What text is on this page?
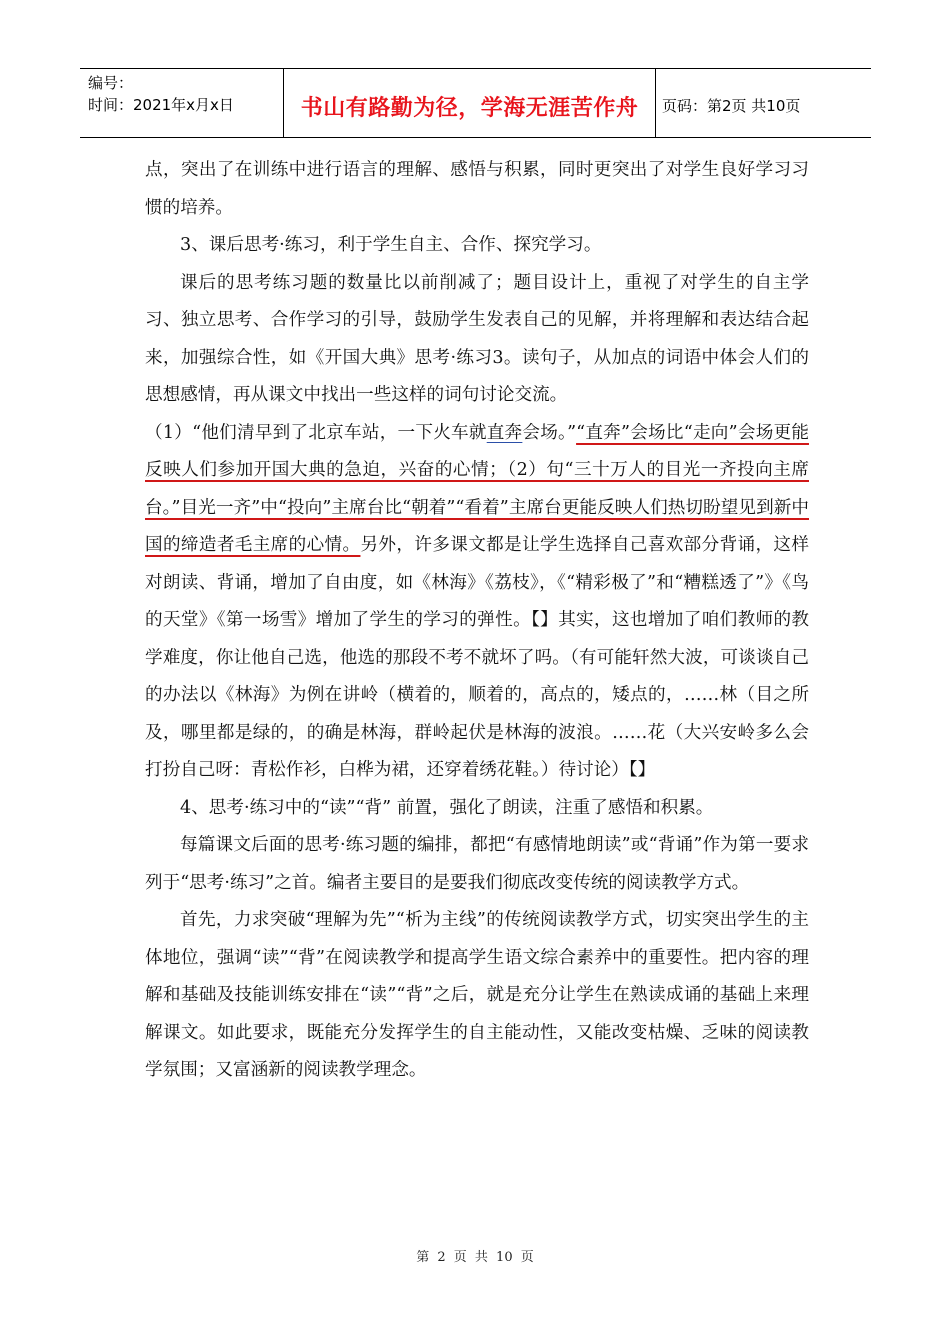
编号：
时间：2021年x月x日	书山有路勤为径，学海无涯苦作舟 页码：第2页 共10页

点，突出了在训练中进行语言的理解、感悟与积累，同时更突出了对学生良好学习习惯的培养。

3、课后思考·练习，利于学生自主、合作、探究学习。

课后的思考练习题的数量比以前削减了；题目设计上，重视了对学生的自主学习、独立思考、合作学习的引导，鼓励学生发表自己的见解，并将理解和表达结合起来，加强综合性，如《开国大典》思考·练习3。读句子，从加点的词语中体会人们的思想感情，再从课文中找出一些这样的词句讨论交流。

（1）“他们清早到了北京车站，一下火车就直奔会场。”“直奔”会场比“走向”会场更能反映人们参加开国大典的急迫，兴奋的心情；（2）句“三十万人的目光一齐投向主席台。”目光一齐”中“投向”主席台比“朝着”“看着”主席台更能反映人们热切盼望见到新中国的缔造者毛主席的心情。另外，许多课文都是让学生选择自己喜欢部分背诵，这样对朗读、背诵，增加了自由度，如《林海》《荔枝》，《“精彩极了”和“糟糕透了”》《鸟的天堂》《第一场雪》增加了学生的学习的弹性。【】其实，这也增加了咱们教师的教学难度，你让他自己选，他选的那段不考不就坏了吗。（有可能轩然大波，可谈谈自己的办法以《林海》为例在讲岭（横着的，顺着的，高点的，矮点的，……林（目之所及，哪里都是绿的，的确是林海，群岭起伏是林海的波浪。……花（大兴安岭多么会打扮自己呀：青松作衫，白桦为裙，还穿着绣花鞋。）待讨论）【】

4、思考·练习中的“读”“背” 前置，强化了朗读，注重了感悟和积累。

每篇课文后面的思考·练习题的编排，都把“有感情地朗读”或“背诵”作为第一要求列于“思考·练习”之首。编者主要目的是要我们彻底改变传统的阅读教学方式。

首先，力求突破“理解为先”“析为主线”的传统阅读教学方式，切实突出学生的主体地位，强调“读”“背”在阅读教学和提高学生语文综合素养中的重要性。把内容的理解和基础及技能训练安排在“读”“背”之后，就是充分让学生在熟读成诵的基础上来理解课文。如此要求，既能充分发挥学生的自主能动性，又能改变枯燥、乏味的阅读教学氛围；又富涵新的阅读教学理念。

第 2 页 共 10 页
